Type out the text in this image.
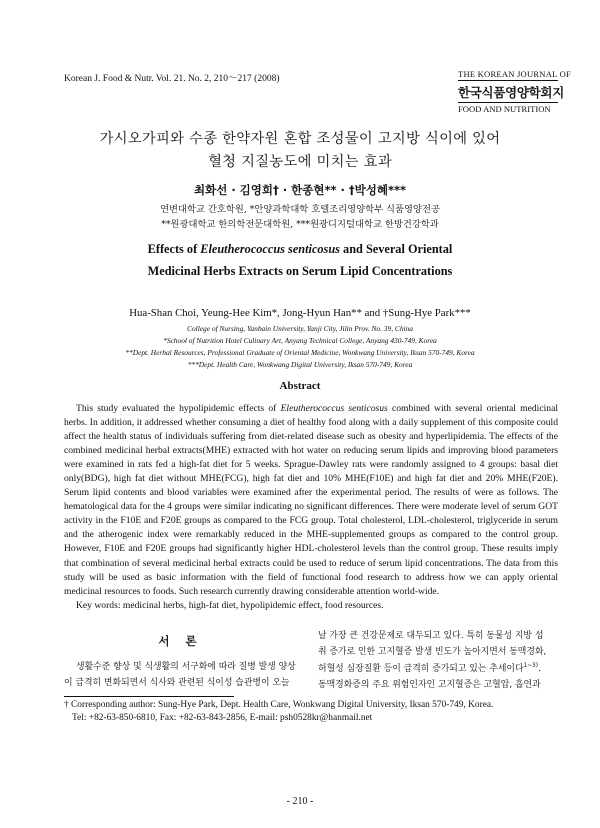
Korean J. Food & Nutr. Vol. 21. No. 2, 210～217 (2008)	THE KOREAN JOURNAL OF
한국식품영양학회지
FOOD AND NUTRITION
가시오가피와 수종 한약자원 혼합 조성물이 고지방 식이에 있어
혈청 지질농도에 미치는 효과
최화선 · 김영희† · 한종현** · †박성혜***
연변대학교 간호학원, *안양과학대학 호텔조리영양학부 식품영양전공
**원광대학교 한의학전문대학원, ***원광디지털대학교 한방건강학과
Effects of Eleutherococcus senticosus and Several Oriental
Medicinal Herbs Extracts on Serum Lipid Concentrations
Hua-Shan Choi, Yeung-Hee Kim*, Jong-Hyun Han** and †Sung-Hye Park***
College of Nursing, Yanbain University, Yanji City, Jilin Prov. No. 39, China
*School of Nutrition Hotel Culinary Art, Anyang Technical College, Anyang 430-749, Korea
**Dept. Herbal Resources, Professional Graduate of Oriental Medicine, Wonkwang University, Iksan 570-749, Korea
***Dept. Health Care, Wonkwang Digital University, Iksan 570-749, Korea
Abstract

This study evaluated the hypolipidemic effects of Eleutherococcus senticosus combined with several oriental medicinal herbs. In addition, it addressed whether consuming a diet of healthy food along with a daily supplement of this composite could affect the health status of individuals suffering from diet-related disease such as obesity and hyperlipidemia. The effects of the combined medicinal herbal extracts(MHE) extracted with hot water on reducing serum lipids and improving blood parameters were examined in rats fed a high-fat diet for 5 weeks. Sprague-Dawley rats were randomly assigned to 4 groups: basal diet only(BDG), high fat diet without MHE(FCG), high fat diet and 10% MHE(F10E) and high fat diet and 20% MHE(F20E). Serum lipid contents and blood variables were examined after the experimental period. The results of were as follows. The hematological data for the 4 groups were similar indicating no significant differences. There were moderate level of serum GOT activity in the F10E and F20E groups as compared to the FCG group. Total cholesterol, LDL-cholesterol, triglyceride in serum and the atherogenic index were remarkably reduced in the MHE-supplemented groups as compared to the control group. However, F10E and F20E groups had significantly higher HDL-cholesterol levels than the control group. These results imply that combination of several medicinal herbal extracts could be used to reduce of serum lipid concentrations. The data from this study will be used as basic information with the field of functional food research to address how we can apply oriental medicinal resources to foods. Such research currently drawing considerable attention world-wide.

Key words: medicinal herbs, high-fat diet, hypolipidemic effect, food resources.

서 론
생활수준 향상 및 식생활의 서구화에 따라 질병 발생 양상
이 급격히 변화되면서 식사와 관련된 식이성 습관병이 오늘
날 가장 큰 건강문제로 대두되고 있다. 특히 동물성 지방 섭
취 증가로 인한 고지혈증 발생 빈도가 높아지면서 동맥경화,
허혈성 심장질환 등이 급격히 증가되고 있는 추세이다$^{1\sim 3)}$.
동맥경화증의 주요 위험인자인 고지혈증은 고혈압, 흡연과
† Corresponding author: Sung-Hye Park, Dept. Health Care, Wonkwang Digital University, Iksan 570-749, Korea.
Tel: +82-63-850-6810, Fax: +82-63-843-2856, E-mail: psh0528kr@hanmail.net
- 210 -
